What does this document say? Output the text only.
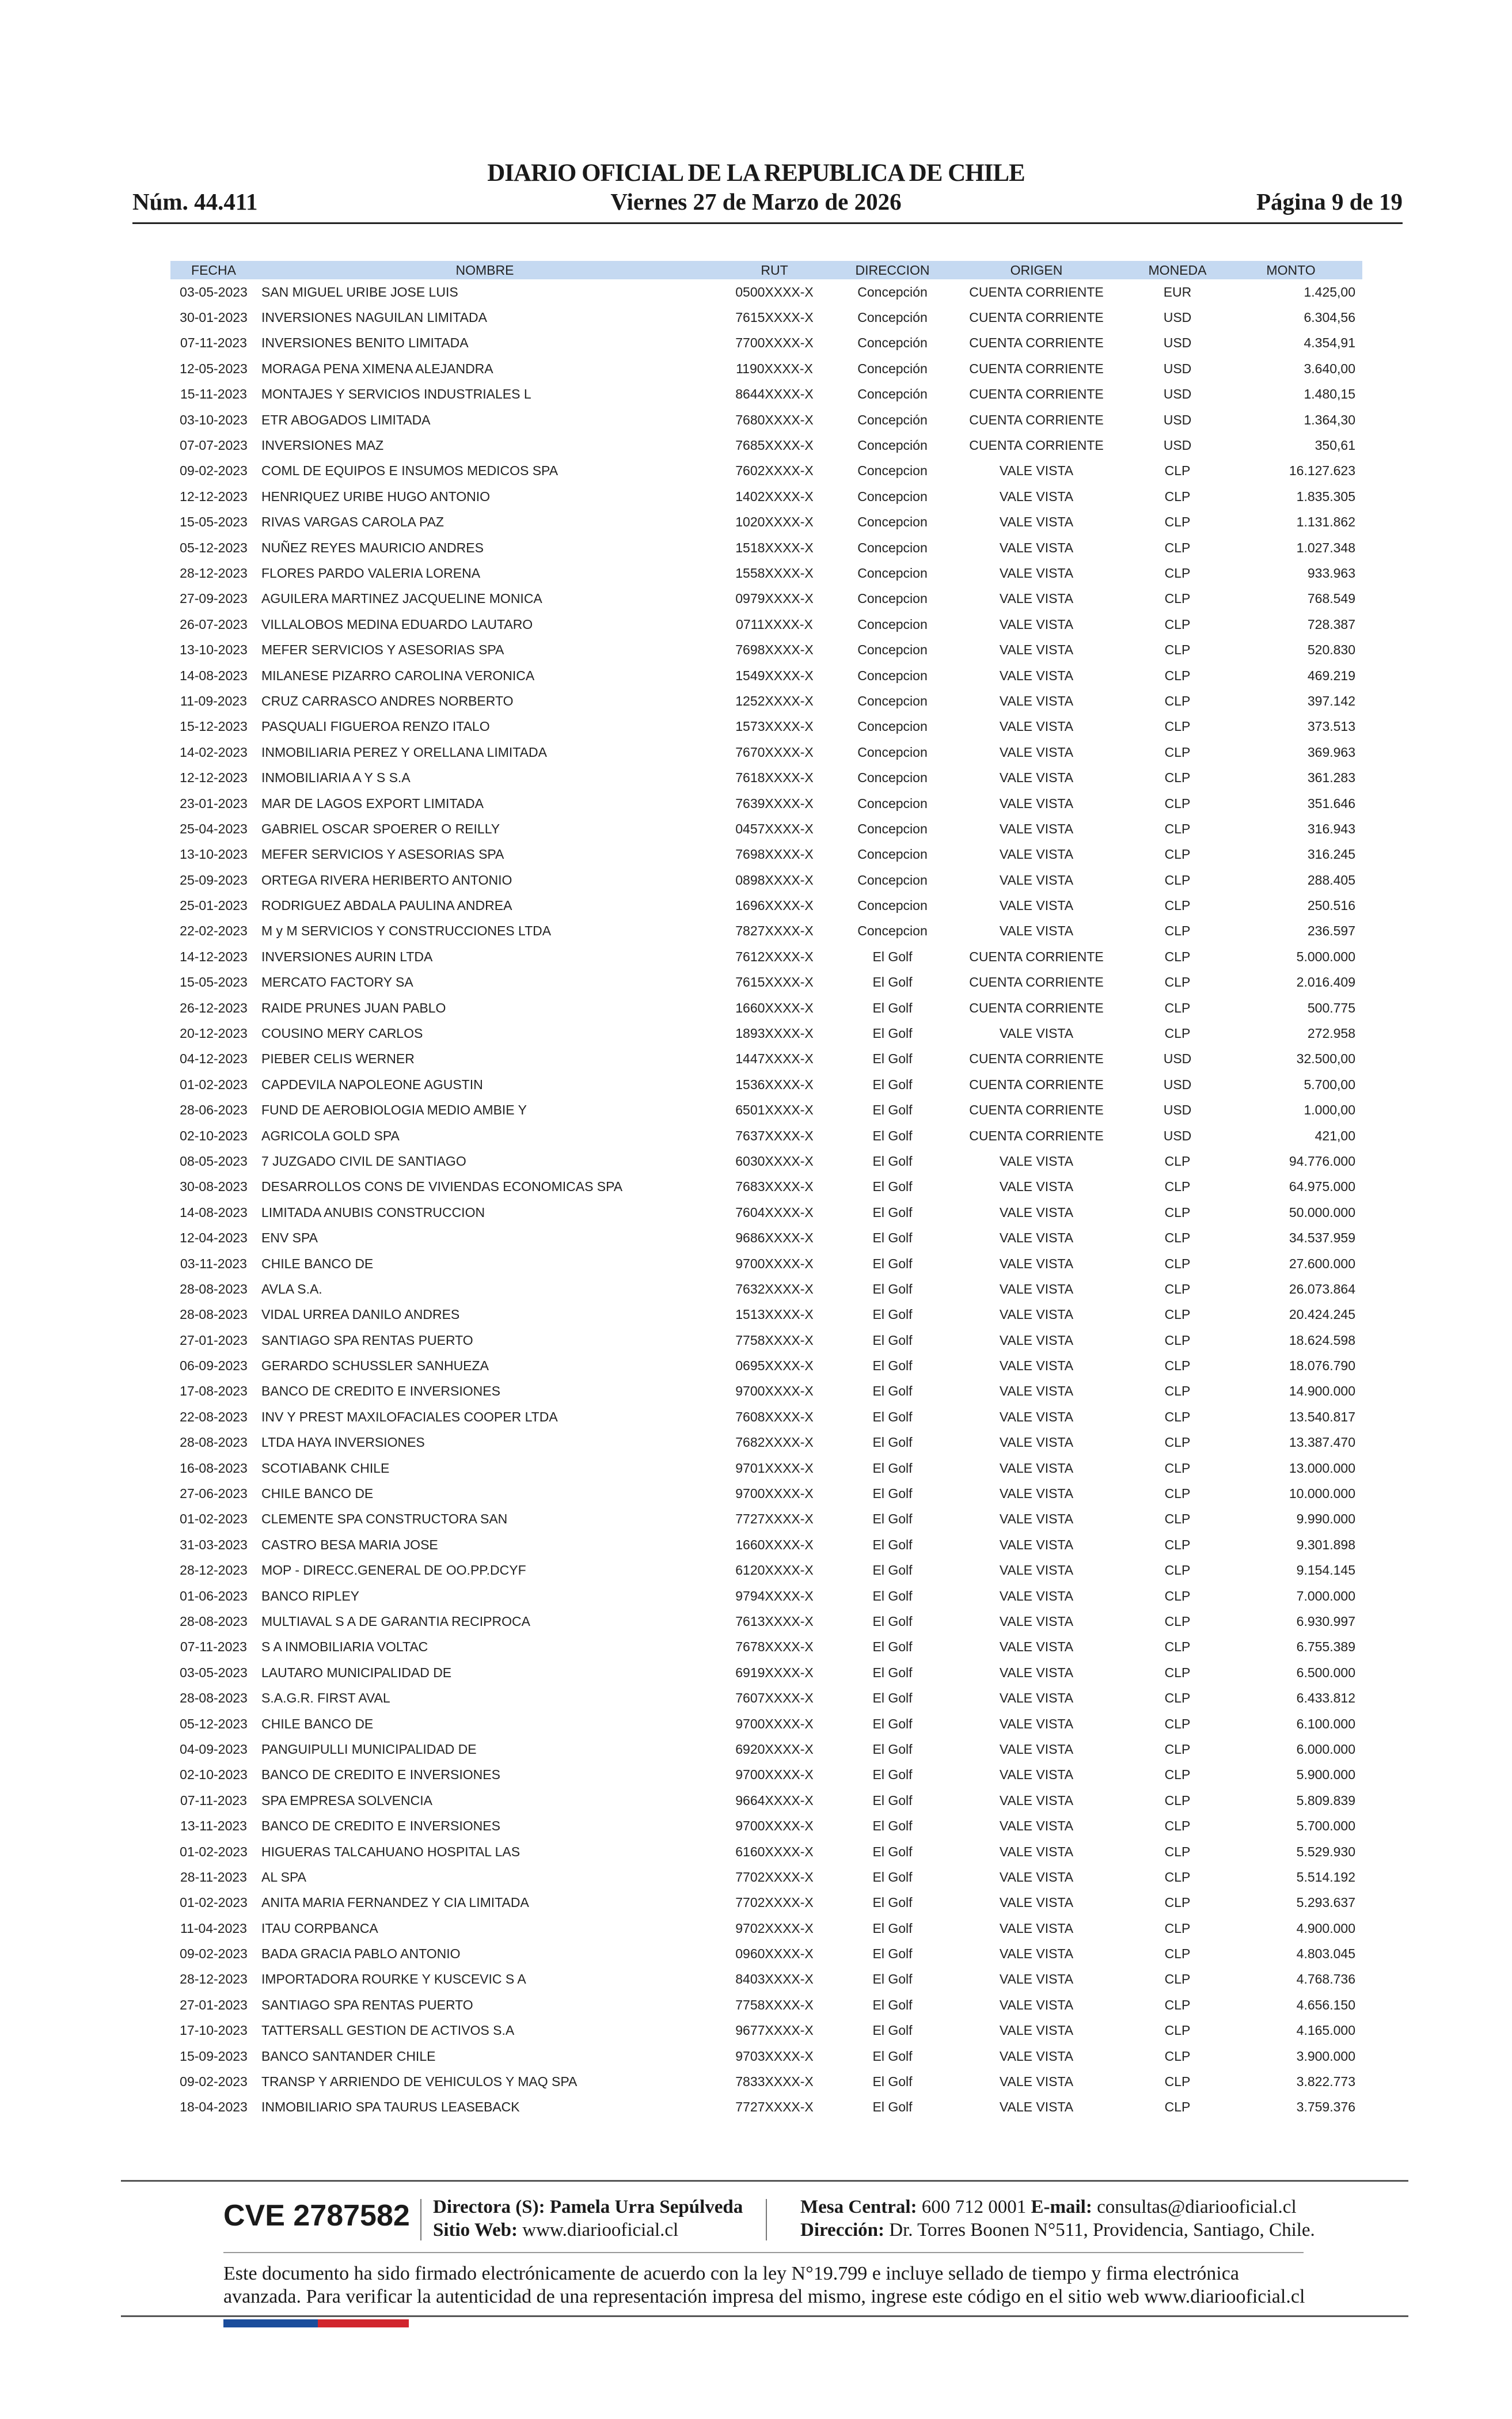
DIARIO OFICIAL DE LA REPUBLICA DE CHILE
Núm. 44.411	Viernes 27 de Marzo de 2026	Página 9 de 19
FECHA	NOMBRE	RUT	DIRECCION	ORIGEN	MONEDA	MONTO
03-05-2023	SAN MIGUEL URIBE JOSE LUIS	0500XXXX-X	Concepción	CUENTA CORRIENTE	EUR	1.425,00
30-01-2023	INVERSIONES NAGUILAN LIMITADA	7615XXXX-X	Concepción	CUENTA CORRIENTE	USD	6.304,56
07-11-2023	INVERSIONES BENITO LIMITADA	7700XXXX-X	Concepción	CUENTA CORRIENTE	USD	4.354,91
12-05-2023	MORAGA PENA XIMENA ALEJANDRA	1190XXXX-X	Concepción	CUENTA CORRIENTE	USD	3.640,00
15-11-2023	MONTAJES Y SERVICIOS INDUSTRIALES L	8644XXXX-X	Concepción	CUENTA CORRIENTE	USD	1.480,15
03-10-2023	ETR ABOGADOS LIMITADA	7680XXXX-X	Concepción	CUENTA CORRIENTE	USD	1.364,30
07-07-2023	INVERSIONES MAZ	7685XXXX-X	Concepción	CUENTA CORRIENTE	USD	350,61
09-02-2023	COML DE EQUIPOS E INSUMOS MEDICOS SPA	7602XXXX-X	Concepcion	VALE VISTA	CLP	16.127.623
12-12-2023	HENRIQUEZ URIBE HUGO ANTONIO	1402XXXX-X	Concepcion	VALE VISTA	CLP	1.835.305
15-05-2023	RIVAS VARGAS CAROLA PAZ	1020XXXX-X	Concepcion	VALE VISTA	CLP	1.131.862
05-12-2023	NUÑEZ REYES MAURICIO ANDRES	1518XXXX-X	Concepcion	VALE VISTA	CLP	1.027.348
28-12-2023	FLORES PARDO VALERIA LORENA	1558XXXX-X	Concepcion	VALE VISTA	CLP	933.963
27-09-2023	AGUILERA MARTINEZ JACQUELINE MONICA	0979XXXX-X	Concepcion	VALE VISTA	CLP	768.549
26-07-2023	VILLALOBOS MEDINA EDUARDO LAUTARO	0711XXXX-X	Concepcion	VALE VISTA	CLP	728.387
13-10-2023	MEFER SERVICIOS Y ASESORIAS SPA	7698XXXX-X	Concepcion	VALE VISTA	CLP	520.830
14-08-2023	MILANESE PIZARRO CAROLINA VERONICA	1549XXXX-X	Concepcion	VALE VISTA	CLP	469.219
11-09-2023	CRUZ CARRASCO ANDRES NORBERTO	1252XXXX-X	Concepcion	VALE VISTA	CLP	397.142
15-12-2023	PASQUALI FIGUEROA RENZO ITALO	1573XXXX-X	Concepcion	VALE VISTA	CLP	373.513
14-02-2023	INMOBILIARIA PEREZ Y ORELLANA LIMITADA	7670XXXX-X	Concepcion	VALE VISTA	CLP	369.963
12-12-2023	INMOBILIARIA A Y S S.A	7618XXXX-X	Concepcion	VALE VISTA	CLP	361.283
23-01-2023	MAR DE LAGOS EXPORT LIMITADA	7639XXXX-X	Concepcion	VALE VISTA	CLP	351.646
25-04-2023	GABRIEL OSCAR SPOERER O REILLY	0457XXXX-X	Concepcion	VALE VISTA	CLP	316.943
13-10-2023	MEFER SERVICIOS Y ASESORIAS SPA	7698XXXX-X	Concepcion	VALE VISTA	CLP	316.245
25-09-2023	ORTEGA RIVERA HERIBERTO ANTONIO	0898XXXX-X	Concepcion	VALE VISTA	CLP	288.405
25-01-2023	RODRIGUEZ ABDALA PAULINA ANDREA	1696XXXX-X	Concepcion	VALE VISTA	CLP	250.516
22-02-2023	M y M SERVICIOS Y CONSTRUCCIONES LTDA	7827XXXX-X	Concepcion	VALE VISTA	CLP	236.597
14-12-2023	INVERSIONES AURIN LTDA	7612XXXX-X	El Golf	CUENTA CORRIENTE	CLP	5.000.000
15-05-2023	MERCATO FACTORY SA	7615XXXX-X	El Golf	CUENTA CORRIENTE	CLP	2.016.409
26-12-2023	RAIDE PRUNES JUAN PABLO	1660XXXX-X	El Golf	CUENTA CORRIENTE	CLP	500.775
20-12-2023	COUSINO MERY CARLOS	1893XXXX-X	El Golf	VALE VISTA	CLP	272.958
04-12-2023	PIEBER CELIS WERNER	1447XXXX-X	El Golf	CUENTA CORRIENTE	USD	32.500,00
01-02-2023	CAPDEVILA NAPOLEONE AGUSTIN	1536XXXX-X	El Golf	CUENTA CORRIENTE	USD	5.700,00
28-06-2023	FUND DE AEROBIOLOGIA MEDIO AMBIE Y	6501XXXX-X	El Golf	CUENTA CORRIENTE	USD	1.000,00
02-10-2023	AGRICOLA GOLD SPA	7637XXXX-X	El Golf	CUENTA CORRIENTE	USD	421,00
08-05-2023	7 JUZGADO CIVIL DE SANTIAGO	6030XXXX-X	El Golf	VALE VISTA	CLP	94.776.000
30-08-2023	DESARROLLOS CONS DE VIVIENDAS ECONOMICAS SPA	7683XXXX-X	El Golf	VALE VISTA	CLP	64.975.000
14-08-2023	LIMITADA ANUBIS CONSTRUCCION	7604XXXX-X	El Golf	VALE VISTA	CLP	50.000.000
12-04-2023	ENV SPA	9686XXXX-X	El Golf	VALE VISTA	CLP	34.537.959
03-11-2023	CHILE BANCO DE	9700XXXX-X	El Golf	VALE VISTA	CLP	27.600.000
28-08-2023	AVLA S.A.	7632XXXX-X	El Golf	VALE VISTA	CLP	26.073.864
28-08-2023	VIDAL URREA DANILO ANDRES	1513XXXX-X	El Golf	VALE VISTA	CLP	20.424.245
27-01-2023	SANTIAGO SPA RENTAS PUERTO	7758XXXX-X	El Golf	VALE VISTA	CLP	18.624.598
06-09-2023	GERARDO SCHUSSLER SANHUEZA	0695XXXX-X	El Golf	VALE VISTA	CLP	18.076.790
17-08-2023	BANCO DE CREDITO E INVERSIONES	9700XXXX-X	El Golf	VALE VISTA	CLP	14.900.000
22-08-2023	INV Y PREST MAXILOFACIALES COOPER LTDA	7608XXXX-X	El Golf	VALE VISTA	CLP	13.540.817
28-08-2023	LTDA HAYA INVERSIONES	7682XXXX-X	El Golf	VALE VISTA	CLP	13.387.470
16-08-2023	SCOTIABANK CHILE	9701XXXX-X	El Golf	VALE VISTA	CLP	13.000.000
27-06-2023	CHILE BANCO DE	9700XXXX-X	El Golf	VALE VISTA	CLP	10.000.000
01-02-2023	CLEMENTE SPA CONSTRUCTORA SAN	7727XXXX-X	El Golf	VALE VISTA	CLP	9.990.000
31-03-2023	CASTRO BESA MARIA JOSE	1660XXXX-X	El Golf	VALE VISTA	CLP	9.301.898
28-12-2023	MOP - DIRECC.GENERAL DE OO.PP.DCYF	6120XXXX-X	El Golf	VALE VISTA	CLP	9.154.145
01-06-2023	BANCO RIPLEY	9794XXXX-X	El Golf	VALE VISTA	CLP	7.000.000
28-08-2023	MULTIAVAL S A DE GARANTIA RECIPROCA	7613XXXX-X	El Golf	VALE VISTA	CLP	6.930.997
07-11-2023	S A INMOBILIARIA VOLTAC	7678XXXX-X	El Golf	VALE VISTA	CLP	6.755.389
03-05-2023	LAUTARO MUNICIPALIDAD DE	6919XXXX-X	El Golf	VALE VISTA	CLP	6.500.000
28-08-2023	S.A.G.R. FIRST AVAL	7607XXXX-X	El Golf	VALE VISTA	CLP	6.433.812
05-12-2023	CHILE BANCO DE	9700XXXX-X	El Golf	VALE VISTA	CLP	6.100.000
04-09-2023	PANGUIPULLI MUNICIPALIDAD DE	6920XXXX-X	El Golf	VALE VISTA	CLP	6.000.000
02-10-2023	BANCO DE CREDITO E INVERSIONES	9700XXXX-X	El Golf	VALE VISTA	CLP	5.900.000
07-11-2023	SPA EMPRESA SOLVENCIA	9664XXXX-X	El Golf	VALE VISTA	CLP	5.809.839
13-11-2023	BANCO DE CREDITO E INVERSIONES	9700XXXX-X	El Golf	VALE VISTA	CLP	5.700.000
01-02-2023	HIGUERAS TALCAHUANO HOSPITAL LAS	6160XXXX-X	El Golf	VALE VISTA	CLP	5.529.930
28-11-2023	AL SPA	7702XXXX-X	El Golf	VALE VISTA	CLP	5.514.192
01-02-2023	ANITA MARIA FERNANDEZ Y CIA LIMITADA	7702XXXX-X	El Golf	VALE VISTA	CLP	5.293.637
11-04-2023	ITAU CORPBANCA	9702XXXX-X	El Golf	VALE VISTA	CLP	4.900.000
09-02-2023	BADA GRACIA PABLO ANTONIO	0960XXXX-X	El Golf	VALE VISTA	CLP	4.803.045
28-12-2023	IMPORTADORA ROURKE Y KUSCEVIC S A	8403XXXX-X	El Golf	VALE VISTA	CLP	4.768.736
27-01-2023	SANTIAGO SPA RENTAS PUERTO	7758XXXX-X	El Golf	VALE VISTA	CLP	4.656.150
17-10-2023	TATTERSALL GESTION DE ACTIVOS S.A	9677XXXX-X	El Golf	VALE VISTA	CLP	4.165.000
15-09-2023	BANCO SANTANDER CHILE	9703XXXX-X	El Golf	VALE VISTA	CLP	3.900.000
09-02-2023	TRANSP Y ARRIENDO DE VEHICULOS Y MAQ SPA	7833XXXX-X	El Golf	VALE VISTA	CLP	3.822.773
18-04-2023	INMOBILIARIO SPA TAURUS LEASEBACK	7727XXXX-X	El Golf	VALE VISTA	CLP	3.759.376
CVE 2787582 Directora (S): Pamela Urra Sepúlveda
Sitio Web: www.diariooficial.cl
Mesa Central: 600 712 0001 E-mail: consultas@diariooficial.cl
Dirección: Dr. Torres Boonen N°511, Providencia, Santiago, Chile.
Este documento ha sido firmado electrónicamente de acuerdo con la ley N°19.799 e incluye sellado de tiempo y firma electrónica
avanzada. Para verificar la autenticidad de una representación impresa del mismo, ingrese este código en el sitio web www.diariooficial.cl
